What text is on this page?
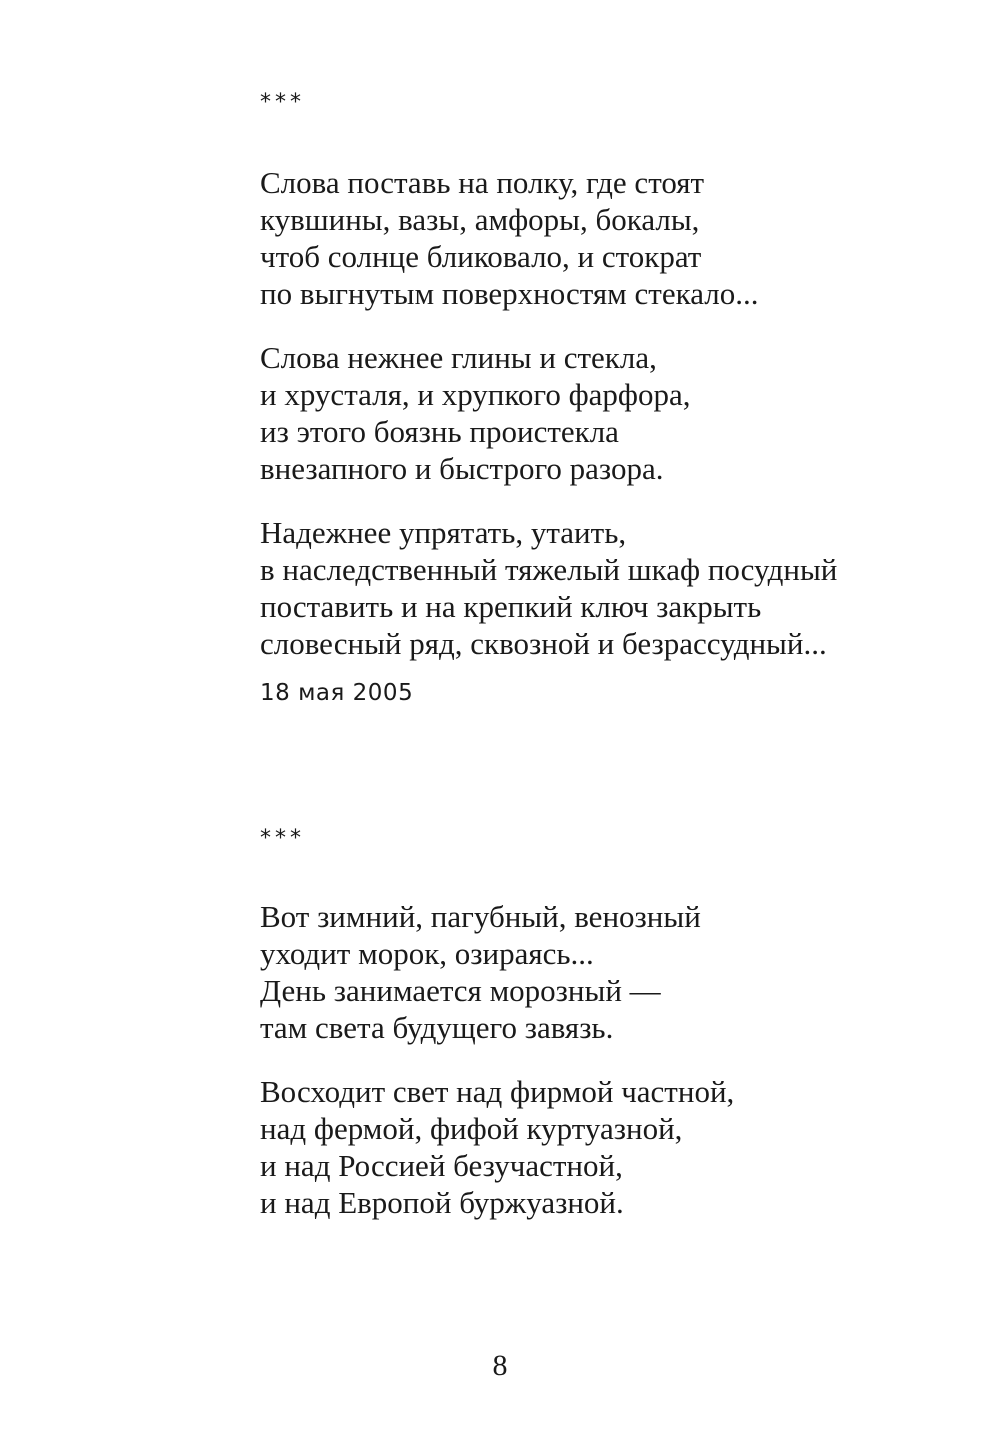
***
Слова поставь на полку, где стоят
кувшины, вазы, амфоры, бокалы,
чтоб солнце бликовало, и стократ
по выгнутым поверхностям стекало...
Слова нежнее глины и стекла,
и хрусталя, и хрупкого фарфора,
из этого боязнь проистекла
внезапного и быстрого разора.
Надежнее упрятать, утаить,
в наследственный тяжелый шкаф посудный
поставить и на крепкий ключ закрыть
словесный ряд, сквозной и безрассудный...
18 мая 2005
***
Вот зимний, пагубный, венозный
уходит морок, озираясь...
День занимается морозный —
там света будущего завязь.
Восходит свет над фирмой частной,
над фермой, фифой куртуазной,
и над Россией безучастной,
и над Европой буржуазной.
8
